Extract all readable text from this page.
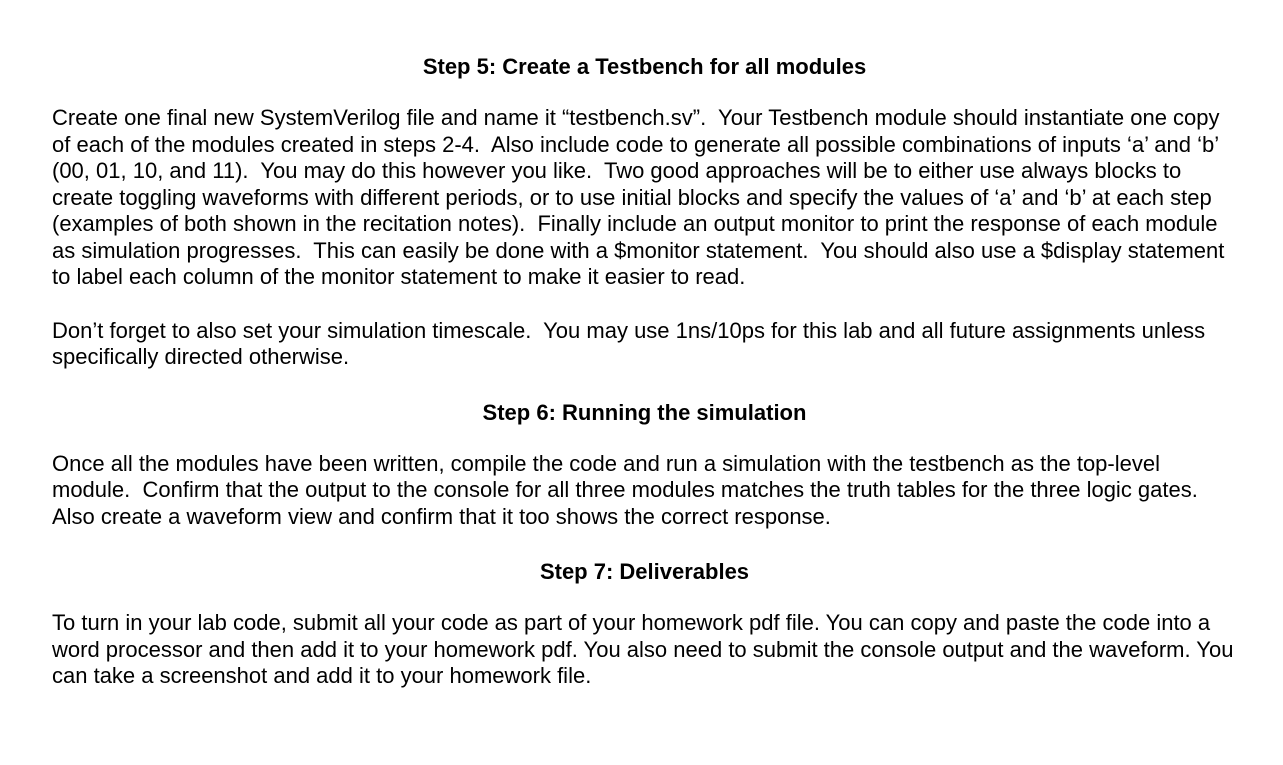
Step 5: Create a Testbench for all modules

Create one final new SystemVerilog file and name it “testbench.sv”.  Your Testbench module should instantiate one copy of each of the modules created in steps 2-4.  Also include code to generate all possible combinations of inputs ‘a’ and ‘b’ (00, 01, 10, and 11).  You may do this however you like.  Two good approaches will be to either use always blocks to create toggling waveforms with different periods, or to use initial blocks and specify the values of ‘a’ and ‘b’ at each step (examples of both shown in the recitation notes).  Finally include an output monitor to print the response of each module as simulation progresses.  This can easily be done with a $monitor statement.  You should also use a $display statement to label each column of the monitor statement to make it easier to read.

Don’t forget to also set your simulation timescale.  You may use 1ns/10ps for this lab and all future assignments unless specifically directed otherwise.

Step 6: Running the simulation

Once all the modules have been written, compile the code and run a simulation with the testbench as the top-level module.  Confirm that the output to the console for all three modules matches the truth tables for the three logic gates.  Also create a waveform view and confirm that it too shows the correct response.

Step 7: Deliverables

To turn in your lab code, submit all your code as part of your homework pdf file. You can copy and paste the code into a word processor and then add it to your homework pdf. You also need to submit the console output and the waveform. You can take a screenshot and add it to your homework file.
